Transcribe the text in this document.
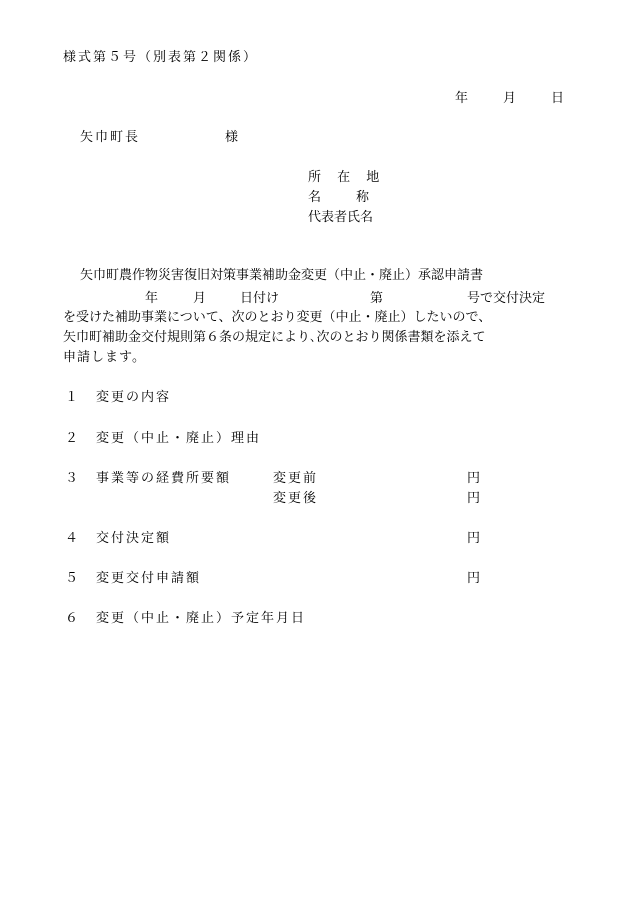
様式第５号（別表第２関係）
年	月	日
矢巾町長	様
所 在 地
名　　称
代表者氏名
矢巾町農作物災害復旧対策事業補助金変更（中止・廃止）承認申請書
年	月	日付け	第	号で交付決定
を受けた補助事業について、次のとおり変更（中止・廃止）したいので、
矢巾町補助金交付規則第６条の規定により､次のとおり関係書類を添えて
申請します。
１ 変更の内容
２ 変更（中止・廃止）理由
３ 事業等の経費所要額	変更前	円
変更後	円
４ 交付決定額	円
５ 変更交付申請額	円
６ 変更（中止・廃止）予定年月日
